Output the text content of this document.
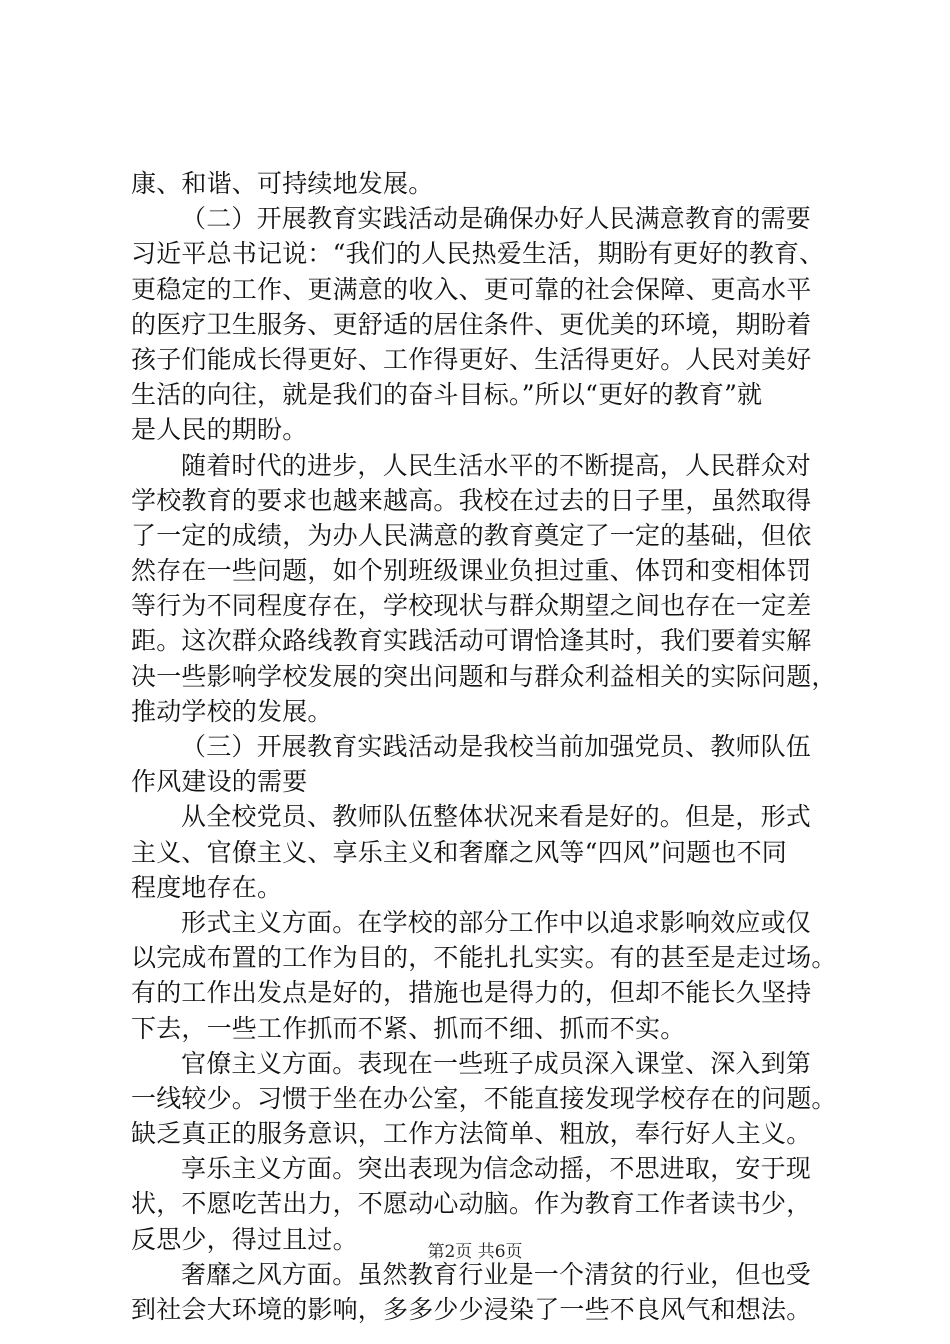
康、和谐、可持续地发展。
（二）开展教育实践活动是确保办好人民满意教育的需要
习近平总书记说：“我们的人民热爱生活，期盼有更好的教育、
更稳定的工作、更满意的收入、更可靠的社会保障、更高水平
的医疗卫生服务、更舒适的居住条件、更优美的环境，期盼着
孩子们能成长得更好、工作得更好、生活得更好。人民对美好
生活的向往，就是我们的奋斗目标。”所以“更好的教育”就
是人民的期盼。
随着时代的进步，人民生活水平的不断提高，人民群众对
学校教育的要求也越来越高。我校在过去的日子里，虽然取得
了一定的成绩，为办人民满意的教育奠定了一定的基础，但依
然存在一些问题，如个别班级课业负担过重、体罚和变相体罚
等行为不同程度存在，学校现状与群众期望之间也存在一定差
距。这次群众路线教育实践活动可谓恰逢其时，我们要着实解
决一些影响学校发展的突出问题和与群众利益相关的实际问题，
推动学校的发展。
（三）开展教育实践活动是我校当前加强党员、教师队伍
作风建设的需要
从全校党员、教师队伍整体状况来看是好的。但是，形式
主义、官僚主义、享乐主义和奢靡之风等“四风”问题也不同
程度地存在。
形式主义方面。在学校的部分工作中以追求影响效应或仅
以完成布置的工作为目的，不能扎扎实实。有的甚至是走过场。
有的工作出发点是好的，措施也是得力的，但却不能长久坚持
下去，一些工作抓而不紧、抓而不细、抓而不实。
官僚主义方面。表现在一些班子成员深入课堂、深入到第
一线较少。习惯于坐在办公室，不能直接发现学校存在的问题。
缺乏真正的服务意识，工作方法简单、粗放，奉行好人主义。
享乐主义方面。突出表现为信念动摇，不思进取，安于现
状，不愿吃苦出力，不愿动心动脑。作为教育工作者读书少，
反思少，得过且过。
奢靡之风方面。虽然教育行业是一个清贫的行业，但也受
到社会大环境的影响，多多少少浸染了一些不良风气和想法。
第2页 共6页
